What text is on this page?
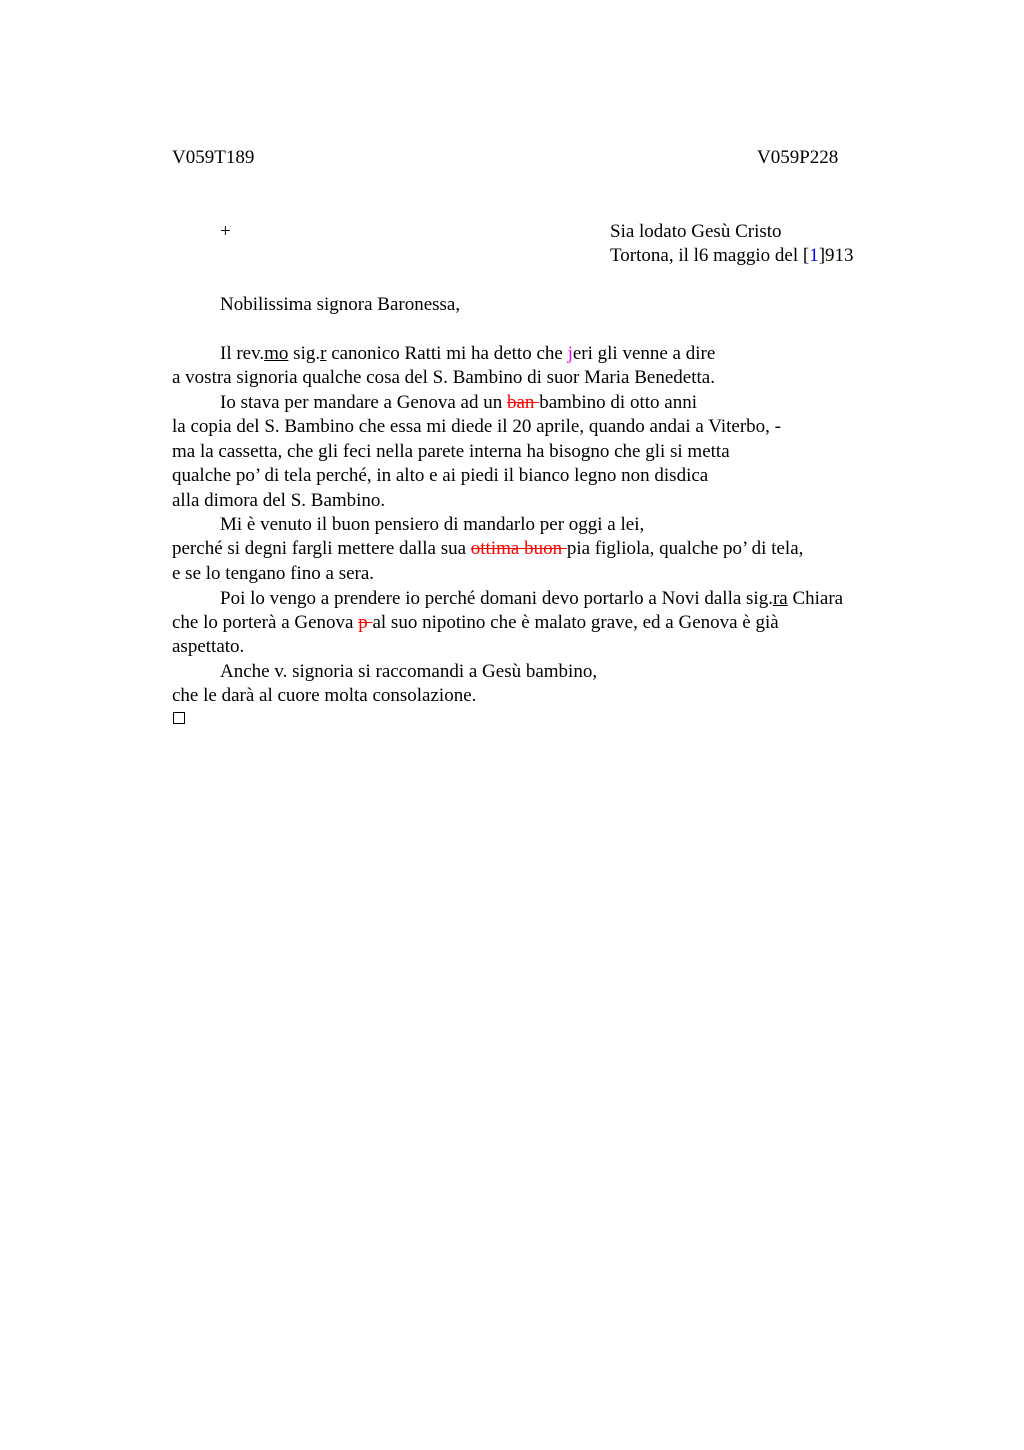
V059T189	V059P228
+	Sia lodato Gesù Cristo
Tortona, il l6 maggio del [1]913
Nobilissima signora Baronessa,
Il rev.mo sig.r canonico Ratti mi ha detto che jeri gli venne a dire
a vostra signoria qualche cosa del S. Bambino di suor Maria Benedetta.
Io stava per mandare a Genova ad un ban bambino di otto anni
la copia del S. Bambino che essa mi diede il 20 aprile, quando andai a Viterbo, -
ma la cassetta, che gli feci nella parete interna ha bisogno che gli si metta
qualche po’ di tela perché, in alto e ai piedi il bianco legno non disdica
alla dimora del S. Bambino.
Mi è venuto il buon pensiero di mandarlo per oggi a lei,
perché si degni fargli mettere dalla sua ottima buon pia figliola, qualche po’ di tela,
e se lo tengano fino a sera.
Poi lo vengo a prendere io perché domani devo portarlo a Novi dalla sig.ra Chiara
che lo porterà a Genova p al suo nipotino che è malato grave, ed a Genova è già
aspettato.
Anche v. signoria si raccomandi a Gesù bambino,
che le darà al cuore molta consolazione.
